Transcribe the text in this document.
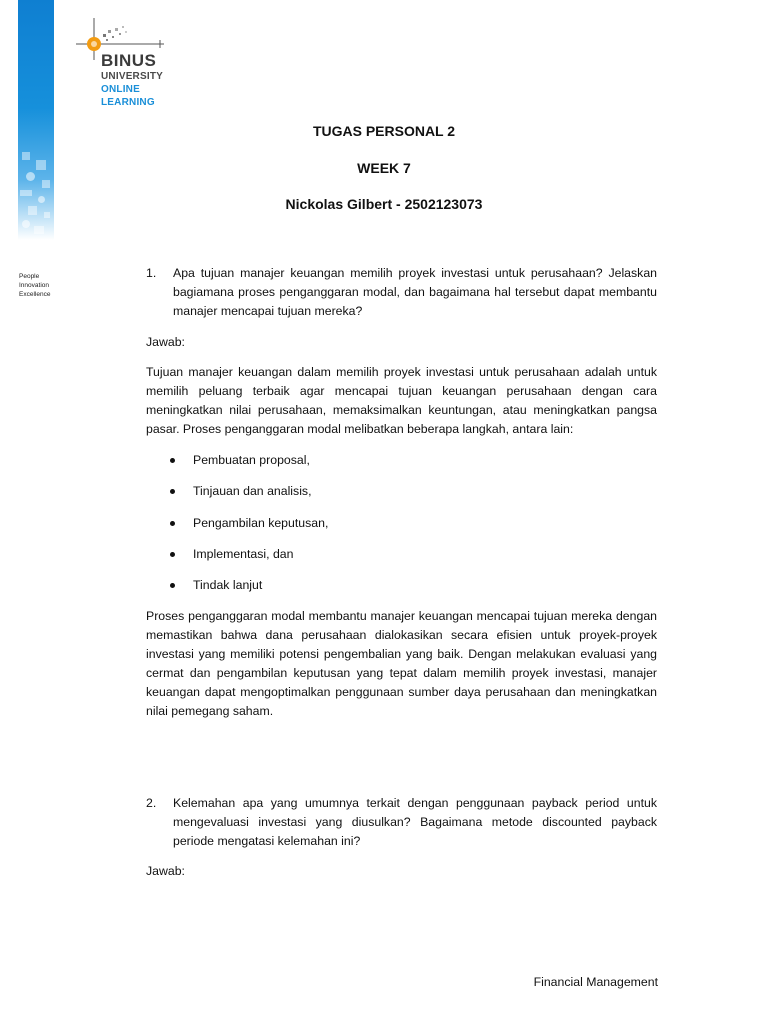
People
Innovation
Excellence
BINUS
UNIVERSITY
ONLINE
LEARNING
TUGAS PERSONAL 2
WEEK 7
Nickolas Gilbert - 2502123073
1. Apa tujuan manajer keuangan memilih proyek investasi untuk perusahaan? Jelaskan bagiamana proses penganggaran modal, dan bagaimana hal tersebut dapat membantu manajer mencapai tujuan mereka?
Jawab:
Tujuan manajer keuangan dalam memilih proyek investasi untuk perusahaan adalah untuk memilih peluang terbaik agar mencapai tujuan keuangan perusahaan dengan cara meningkatkan nilai perusahaan, memaksimalkan keuntungan, atau meningkatkan pangsa pasar. Proses penganggaran modal melibatkan beberapa langkah, antara lain:
Pembuatan proposal,
Tinjauan dan analisis,
Pengambilan keputusan,
Implementasi, dan
Tindak lanjut
Proses penganggaran modal membantu manajer keuangan mencapai tujuan mereka dengan memastikan bahwa dana perusahaan dialokasikan secara efisien untuk proyek-proyek investasi yang memiliki potensi pengembalian yang baik. Dengan melakukan evaluasi yang cermat dan pengambilan keputusan yang tepat dalam memilih proyek investasi, manajer keuangan dapat mengoptimalkan penggunaan sumber daya perusahaan dan meningkatkan nilai pemegang saham.
2. Kelemahan apa yang umumnya terkait dengan penggunaan payback period untuk mengevaluasi investasi yang diusulkan? Bagaimana metode discounted payback periode mengatasi kelemahan ini?
Jawab:
Financial Management
